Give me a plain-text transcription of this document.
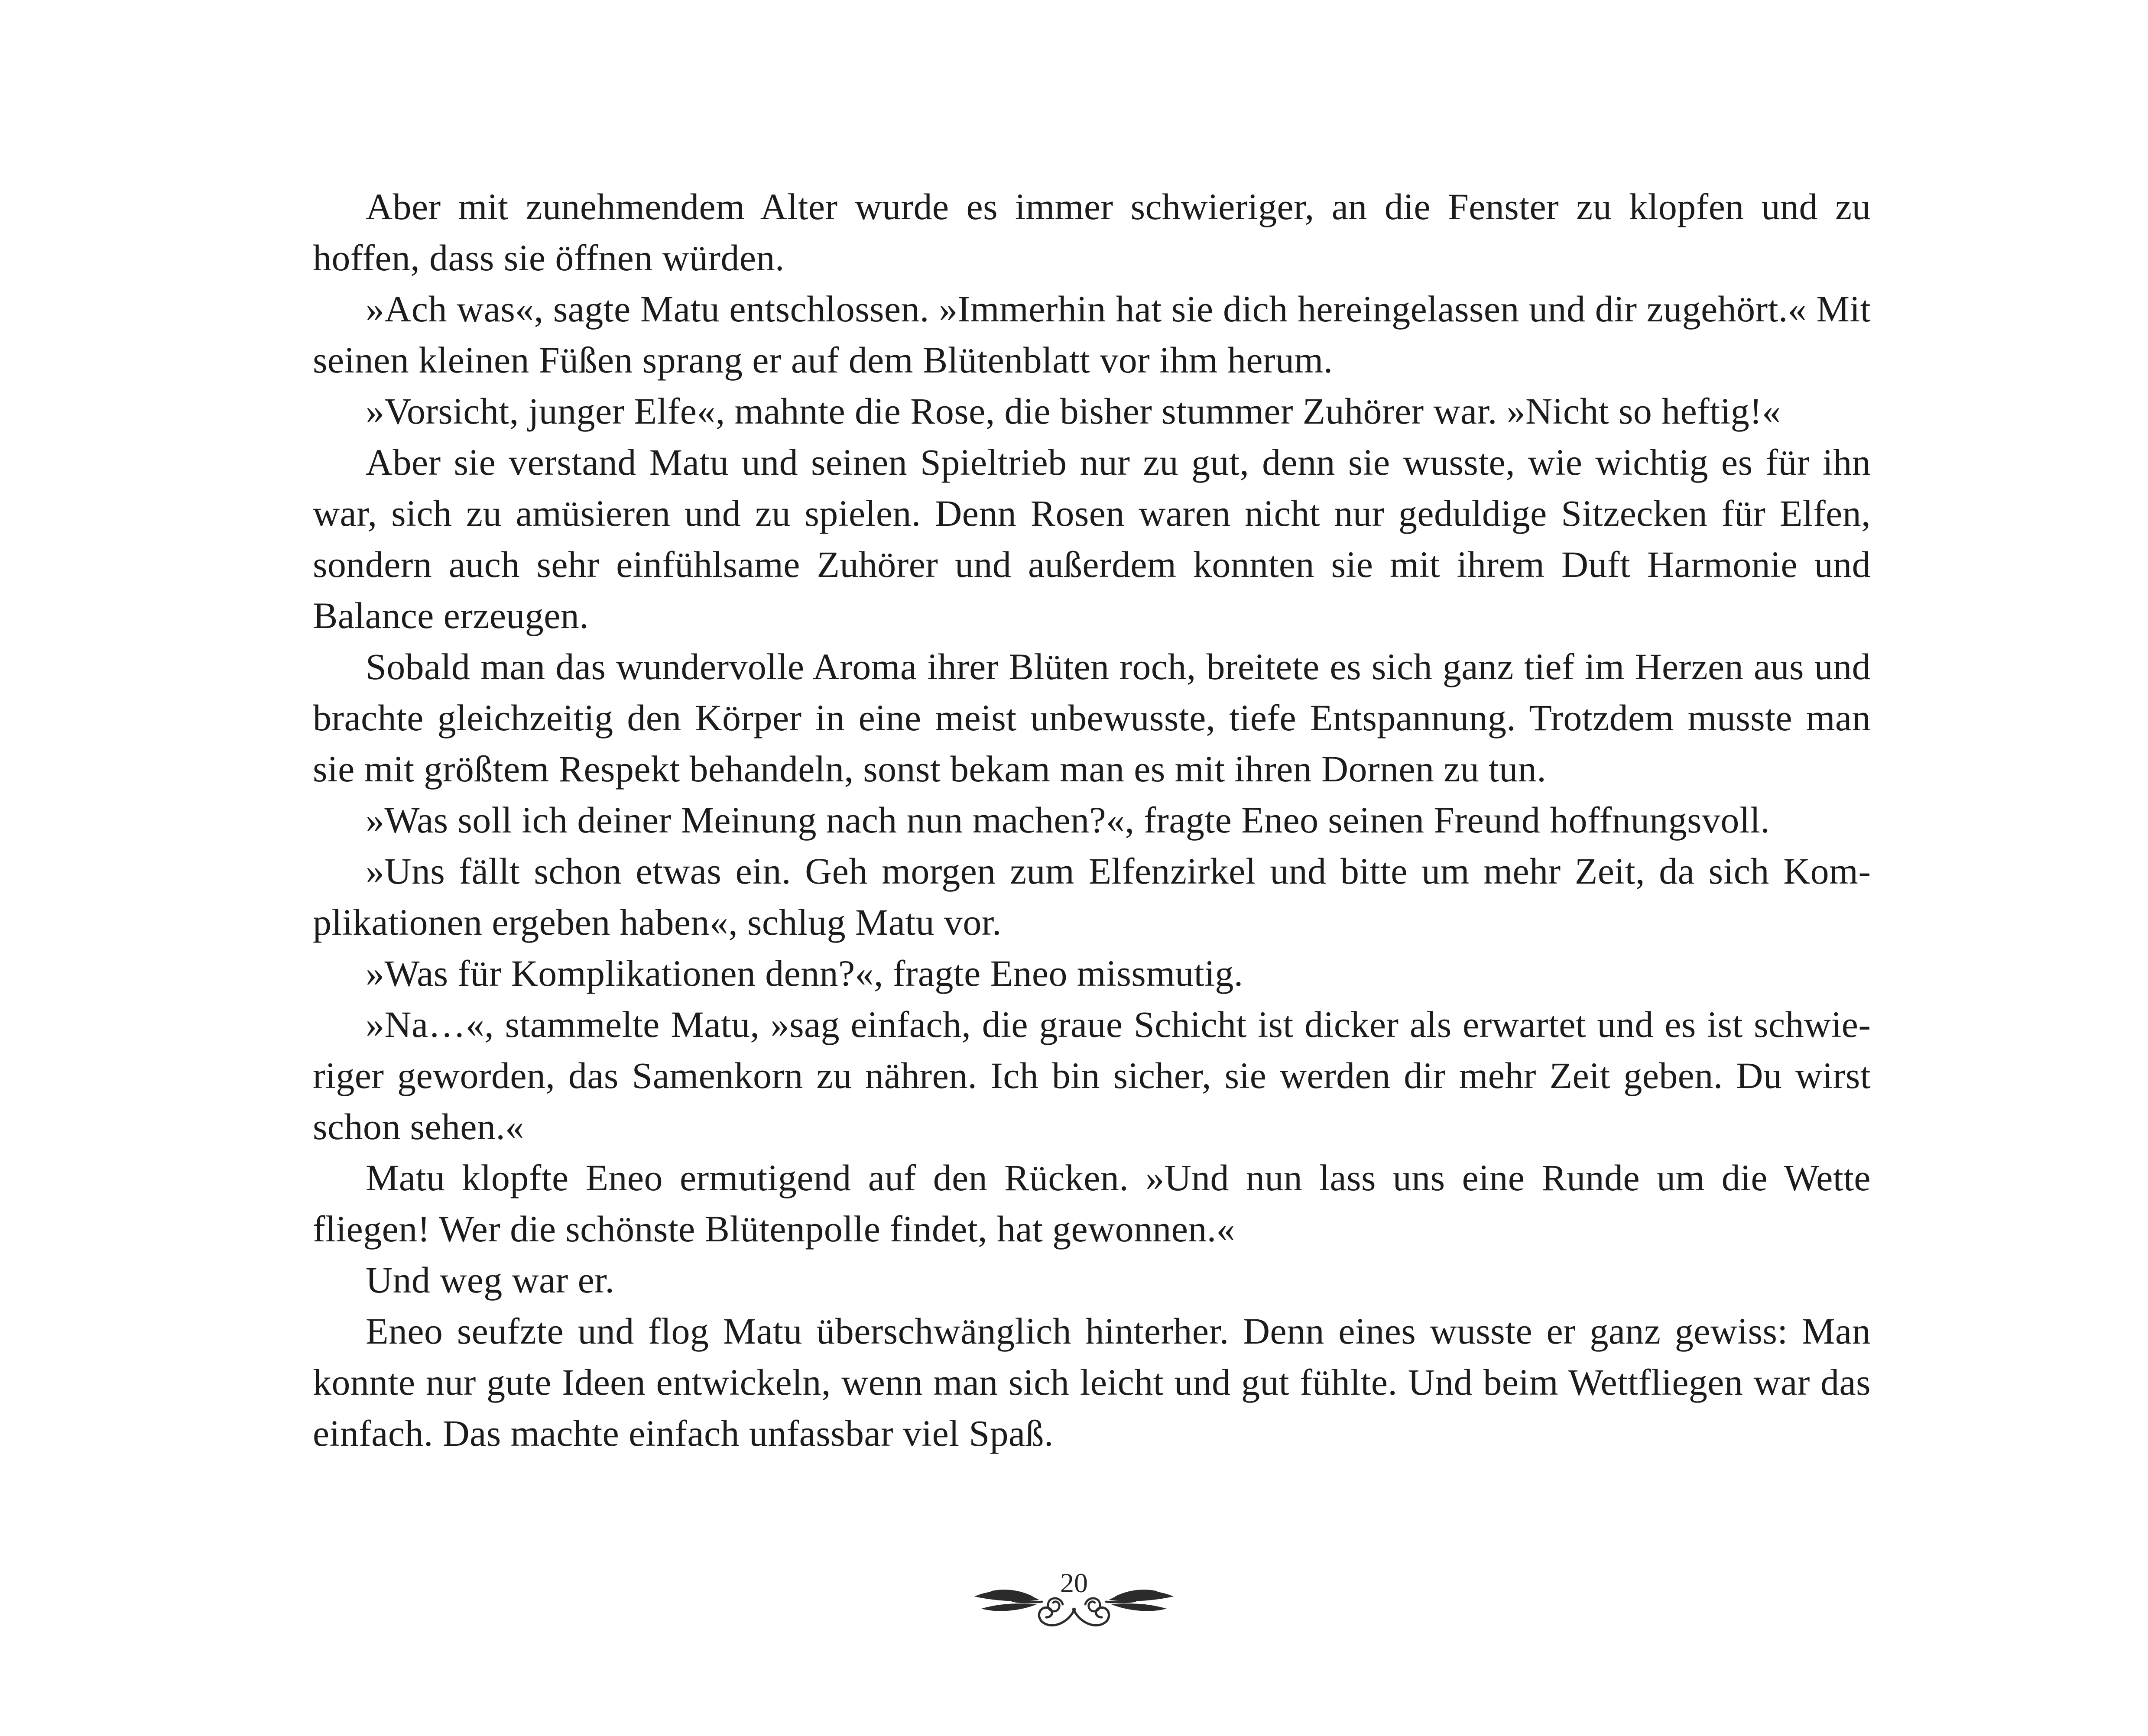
Aber mit zunehmendem Alter wurde es immer schwieriger, an die Fenster zu klopfen und zu hoffen, dass sie öffnen würden.

»Ach was«, sagte Matu entschlossen. »Immerhin hat sie dich hereingelassen und dir zugehört.« Mit seinen kleinen Füßen sprang er auf dem Blütenblatt vor ihm herum.

»Vorsicht, junger Elfe«, mahnte die Rose, die bisher stummer Zuhörer war. »Nicht so heftig!«

Aber sie verstand Matu und seinen Spieltrieb nur zu gut, denn sie wusste, wie wichtig es für ihn war, sich zu amüsieren und zu spielen. Denn Rosen waren nicht nur geduldige Sitzecken für Elfen, sondern auch sehr einfühlsame Zuhörer und außerdem konnten sie mit ihrem Duft Harmonie und Balance erzeugen.

Sobald man das wundervolle Aroma ihrer Blüten roch, breitete es sich ganz tief im Herzen aus und brachte gleichzeitig den Körper in eine meist unbewusste, tiefe Entspannung. Trotzdem musste man sie mit größtem Respekt behandeln, sonst bekam man es mit ihren Dornen zu tun.

»Was soll ich deiner Meinung nach nun machen?«, fragte Eneo seinen Freund hoffnungsvoll.

»Uns fällt schon etwas ein. Geh morgen zum Elfenzirkel und bitte um mehr Zeit, da sich Komplikationen ergeben haben«, schlug Matu vor.

»Was für Komplikationen denn?«, fragte Eneo missmutig.

»Na…«, stammelte Matu, »sag einfach, die graue Schicht ist dicker als erwartet und es ist schwieriger geworden, das Samenkorn zu nähren. Ich bin sicher, sie werden dir mehr Zeit geben. Du wirst schon sehen.«

Matu klopfte Eneo ermutigend auf den Rücken. »Und nun lass uns eine Runde um die Wette fliegen! Wer die schönste Blütenpolle findet, hat gewonnen.«

Und weg war er.

Eneo seufzte und flog Matu überschwänglich hinterher. Denn eines wusste er ganz gewiss: Man konnte nur gute Ideen entwickeln, wenn man sich leicht und gut fühlte. Und beim Wettfliegen war das einfach. Das machte einfach unfassbar viel Spaß.

20
